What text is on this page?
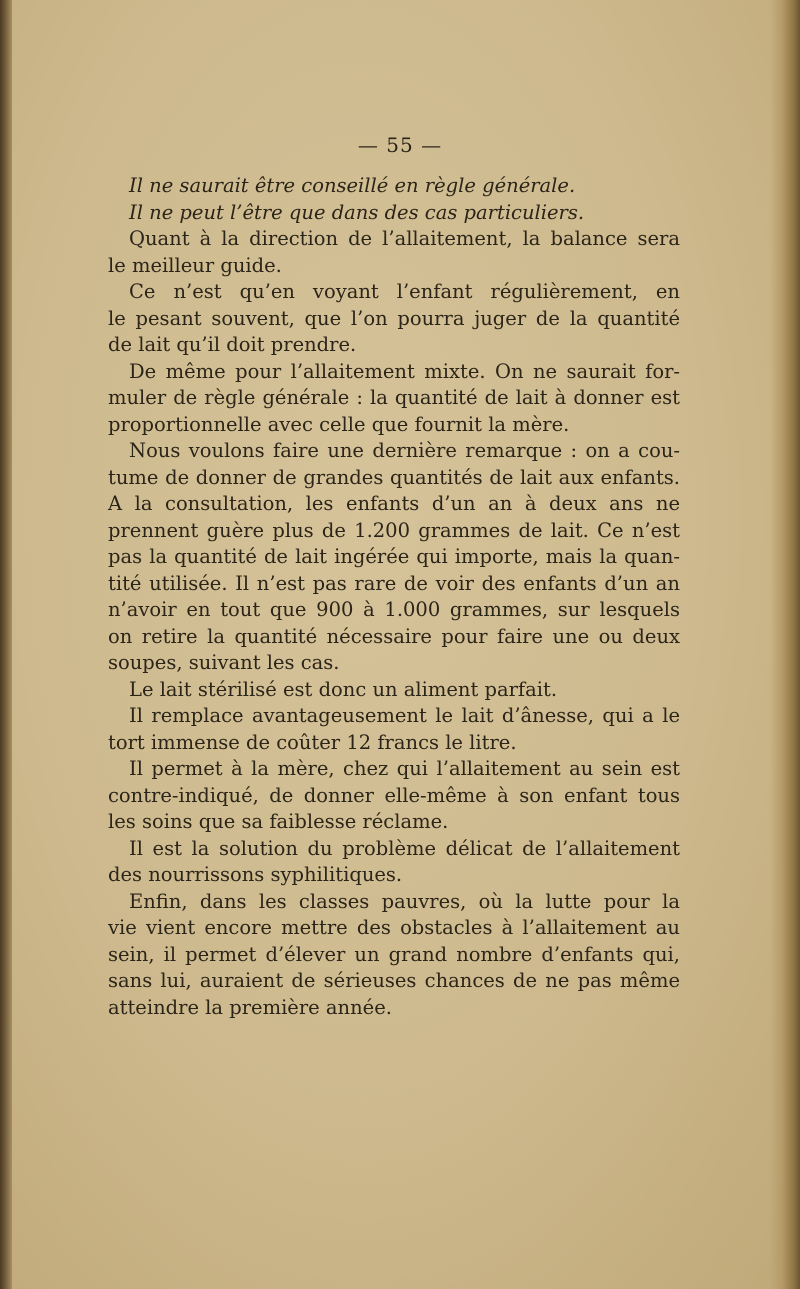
— 55 —
Il ne saurait être conseillé en règle générale.
Il ne peut l’être que dans des cas particuliers.
Quant à la direction de l’allaitement, la balance sera
le meilleur guide.
Ce n’est qu’en voyant l’enfant régulièrement, en
le pesant souvent, que l’on pourra juger de la quantité
de lait qu’il doit prendre.
De même pour l’allaitement mixte. On ne saurait for-
muler de règle générale : la quantité de lait à donner est
proportionnelle avec celle que fournit la mère.
Nous voulons faire une dernière remarque : on a cou-
tume de donner de grandes quantités de lait aux enfants.
A la consultation, les enfants d’un an à deux ans ne
prennent guère plus de 1.200 grammes de lait. Ce n’est
pas la quantité de lait ingérée qui importe, mais la quan-
tité utilisée. Il n’est pas rare de voir des enfants d’un an
n’avoir en tout que 900 à 1.000 grammes, sur lesquels
on retire la quantité nécessaire pour faire une ou deux
soupes, suivant les cas.
Le lait stérilisé est donc un aliment parfait.
Il remplace avantageusement le lait d’ânesse, qui a le
tort immense de coûter 12 francs le litre.
Il permet à la mère, chez qui l’allaitement au sein est
contre-indiqué, de donner elle-même à son enfant tous
les soins que sa faiblesse réclame.
Il est la solution du problème délicat de l’allaitement
des nourrissons syphilitiques.
Enfin, dans les classes pauvres, où la lutte pour la
vie vient encore mettre des obstacles à l’allaitement au
sein, il permet d’élever un grand nombre d’enfants qui,
sans lui, auraient de sérieuses chances de ne pas même
atteindre la première année.
